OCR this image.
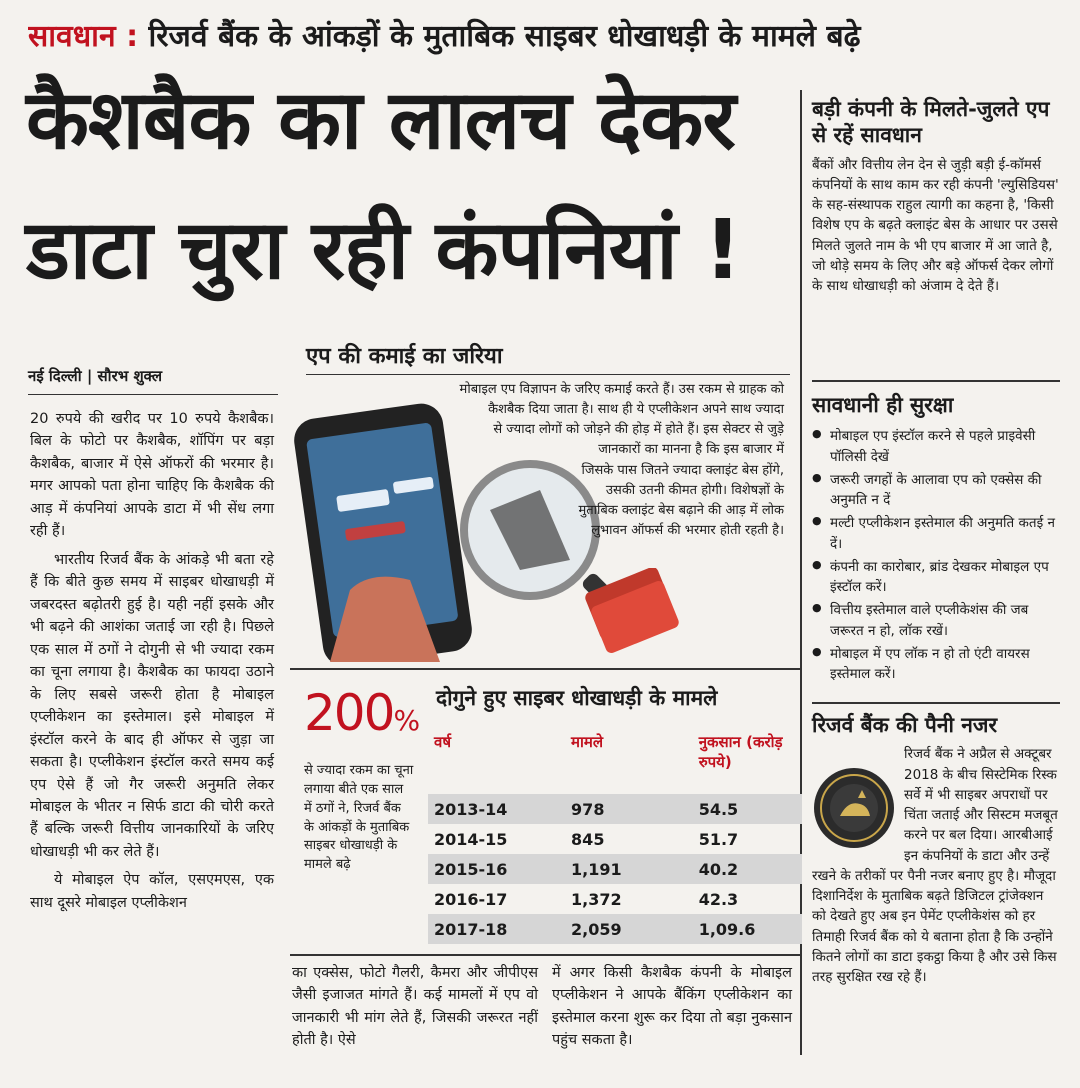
सावधान : रिजर्व बैंक के आंकड़ों के मुताबिक साइबर धोखाधड़ी के मामले बढ़े
कैशबैक का लालच देकर
डाटा चुरा रही कंपनियां !
बड़ी कंपनी के मिलते-जुलते एप से रहें सावधान

बैंकों और वित्तीय लेन देन से जुड़ी बड़ी ई-कॉमर्स कंपनियों के साथ काम कर रही कंपनी 'ल्युसिडियस' के सह-संस्थापक राहुल त्यागी का कहना है, 'किसी विशेष एप के बढ़ते क्लाइंट बेस के आधार पर उससे मिलते जुलते नाम के भी एप बाजार में आ जाते है, जो थोड़े समय के लिए और बड़े ऑफर्स देकर लोगों के साथ धोखाधड़ी को अंजाम दे देते हैं।

सावधानी ही सुरक्षा
● मोबाइल एप इंस्टॉल करने से पहले प्राइवेसी पॉलिसी देखें
● जरूरी जगहों के आलावा एप को एक्सेस की अनुमति न दें
● मल्टी एप्लीकेशन इस्तेमाल की अनुमति कतई न दें।
● कंपनी का कारोबार, ब्रांड देखकर मोबाइल एप इंस्टॉल करें।
● वित्तीय इस्तेमाल वाले एप्लीकेशंस की जब जरूरत न हो, लॉक रखें।
● मोबाइल में एप लॉक न हो तो एंटी वायरस इस्तेमाल करें।
रिजर्व बैंक की पैनी नजर
रिजर्व बैंक ने अप्रैल से अक्टूबर 2018 के बीच सिस्टेमिक रिस्क सर्वे में भी साइबर अपराधों पर चिंता जताई और सिस्टम मजबूत करने पर बल दिया। आरबीआई इन कंपनियों के डाटा और उन्हें रखने के तरीकों पर पैनी नजर बनाए हुए है। मौजूदा दिशानिर्देश के मुताबिक बढ़ते डिजिटल ट्रांजेक्शन को देखते हुए अब इन पेमेंट एप्लीकेशंस को हर तिमाही रिजर्व बैंक को ये बताना होता है कि उन्होंने कितने लोगों का डाटा इकट्ठा किया है और उसे किस तरह सुरक्षित रख रहे हैं।
नई दिल्ली | सौरभ शुक्ल

20 रुपये की खरीद पर 10 रुपये कैशबैक। बिल के फोटो पर कैशबैक, शॉपिंग पर बड़ा कैशबैक, बाजार में ऐसे ऑफरों की भरमार है। मगर आपको पता होना चाहिए कि कैशबैक की आड़ में कंपनियां आपके डाटा में भी सेंध लगा रही हैं।

भारतीय रिजर्व बैंक के आंकड़े भी बता रहे हैं कि बीते कुछ समय में साइबर धोखाधड़ी में जबरदस्त बढ़ोतरी हुई है। यही नहीं इसके और भी बढ़ने की आशंका जताई जा रही है। पिछले एक साल में ठगों ने दोगुनी से भी ज्यादा रकम का चूना लगाया है। कैशबैक का फायदा उठाने के लिए सबसे जरूरी होता है मोबाइल एप्लीकेशन का इस्तेमाल। इसे मोबाइल में इंस्टॉल करने के बाद ही ऑफर से जुड़ा जा सकता है। एप्लीकेशन इंस्टॉल करते समय कई एप ऐसे हैं जो गैर जरूरी अनुमति लेकर मोबाइल के भीतर न सिर्फ डाटा की चोरी करते हैं बल्कि जरूरी वित्तीय जानकारियों के जरिए धोखाधड़ी भी कर लेते हैं।

ये मोबाइल ऐप कॉल, एसएमएस, एक साथ दूसरे मोबाइल एप्लीकेशन

एप की कमाई का जरिया
मोबाइल एप विज्ञापन के जरिए कमाई करते हैं। उस रकम से ग्राहक को कैशबैक दिया जाता है। साथ ही ये एप्लीकेशन अपने साथ ज्यादा से ज्यादा लोगों को जोड़ने की होड़ में होते हैं। इस सेक्टर से जुड़े जानकारों का मानना है कि इस बाजार में जिसके पास जितने ज्यादा क्लाइंट बेस होंगे, उसकी उतनी कीमत होगी। विशेषज्ञों के मुताबिक क्लाइंट बेस बढ़ाने की आड़ में लोक लुभावन ऑफर्स की भरमार होती रहती है।
200%
से ज्यादा रकम का चूना लगाया बीते एक साल में ठगों ने, रिजर्व बैंक के आंकड़ों के मुताबिक साइबर धोखाधड़ी के मामले बढ़े
दोगुने हुए साइबर धोखाधड़ी के मामले
वर्ष	मामले	नुकसान (करोड़ रुपये)

2013-14	978	54.5
2014-15	845	51.7
2015-16	1,191	40.2
2016-17	1,372	42.3
2017-18	2,059	1,09.6

का एक्सेस, फोटो गैलरी, कैमरा और जीपीएस जैसी इजाजत मांगते हैं। कई मामलों में एप वो जानकारी भी मांग लेते हैं, जिसकी जरूरत नहीं होती है। ऐसे

में अगर किसी कैशबैक कंपनी के मोबाइल एप्लीकेशन ने आपके बैंकिंग एप्लीकेशन का इस्तेमाल करना शुरू कर दिया तो बड़ा नुकसान पहुंच सकता है।
